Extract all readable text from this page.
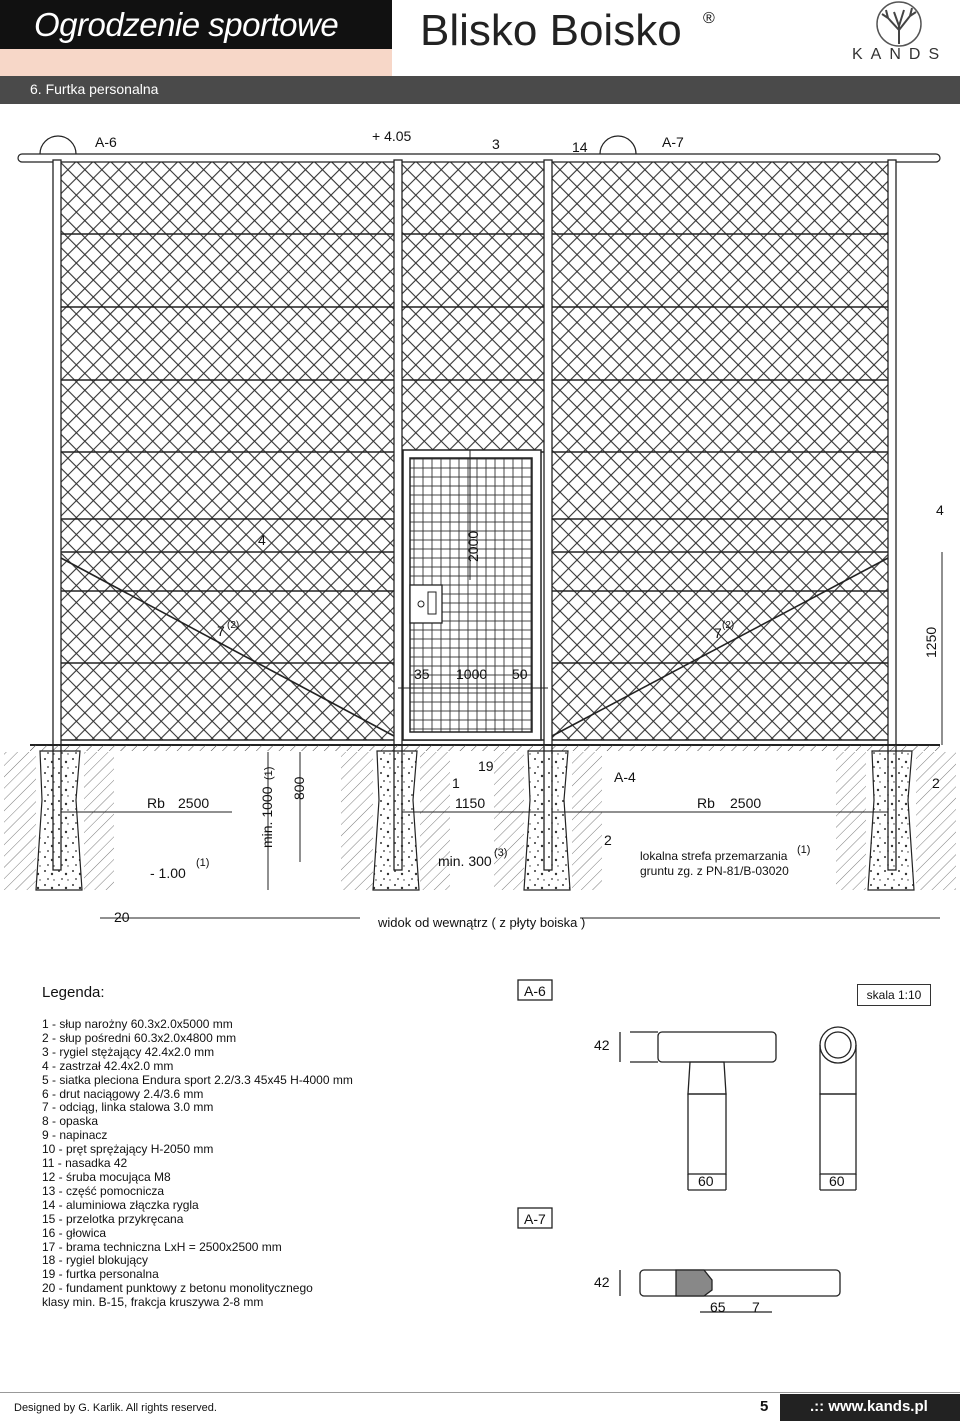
Ogrodzenie sportowe Blisko Boisko ®
KANDS
6. Furtka personalna
A-6	A-7
+ 4.05	3	14
4
4
2000
7 (2)	7 (2)
1250
35 1000 50
19
1
1150
Rb 2500	Rb 2500
min. 1000
(1)
800
- 1.00
(1)	min. 300 (3)
A-4
2
2
lokalna strefa przemarzania (1)
gruntu zg. z PN-81/B-03020
20	widok od wewnątrz ( z płyty boiska )
Legenda:	skala 1:10
1 - słup narożny 60.3x2.0x5000 mm
2 - słup pośredni 60.3x2.0x4800 mm
3 - rygiel stężający 42.4x2.0 mm
4 - zastrzał 42.4x2.0 mm
5 - siatka pleciona Endura sport 2.2/3.3 45x45 H-4000 mm
6 - drut naciągowy 2.4/3.6 mm
7 - odciąg, linka stalowa 3.0 mm
8 - opaska
9 - napinacz
10 - pręt sprężający H-2050 mm
11 - nasadka 42
12 - śruba mocująca M8
13 - część pomocnicza
14 - aluminiowa złączka rygla
15 - przelotka przykręcana
16 - głowica
17 - brama techniczna LxH = 2500x2500 mm
18 - rygiel blokujący
19 - furtka personalna
20 - fundament punktowy z betonu monolitycznego
klasy min. B-15, frakcja kruszywa 2-8 mm
A-6
A-7
42
60	60
42
65 7
Designed by G. Karlik. All rights reserved.	5	.:: www.kands.pl
